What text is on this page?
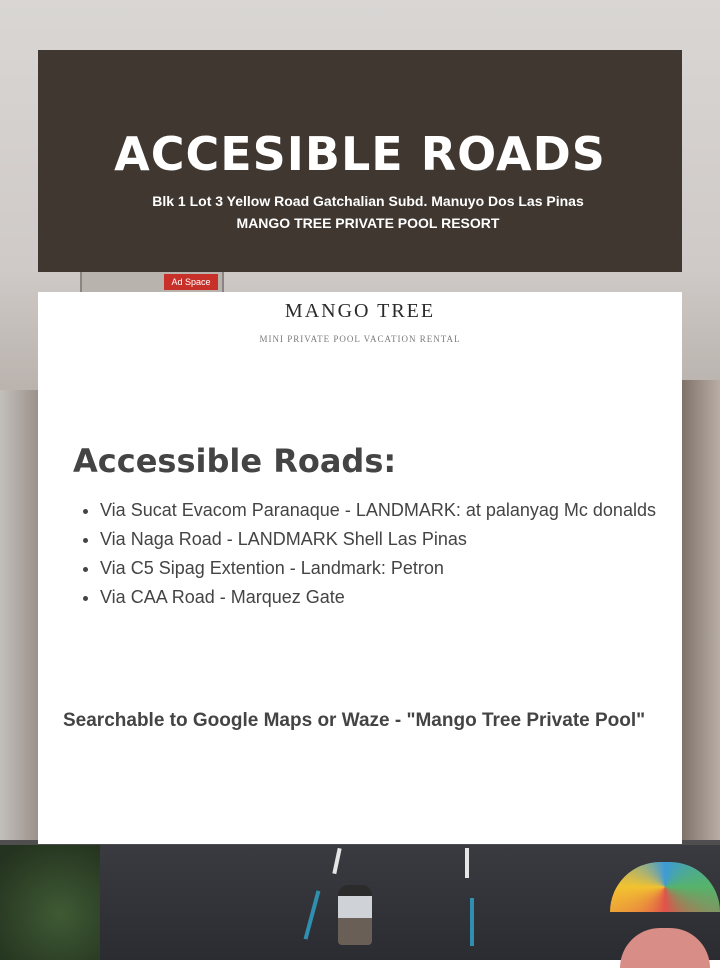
Ad Space
ACCESIBLE ROADS
Blk 1 Lot 3 Yellow Road Gatchalian Subd. Manuyo Dos Las Pinas
MANGO TREE PRIVATE POOL RESORT
MANGO TREE
MINI PRIVATE POOL VACATION RENTAL
Accessible Roads:
• Via Sucat Evacom Paranaque - LANDMARK: at palanyag Mc donalds
• Via Naga Road - LANDMARK Shell Las Pinas
• Via C5 Sipag Extention - Landmark: Petron
• Via CAA Road - Marquez Gate
Searchable to Google Maps or Waze - "Mango Tree Private Pool"
